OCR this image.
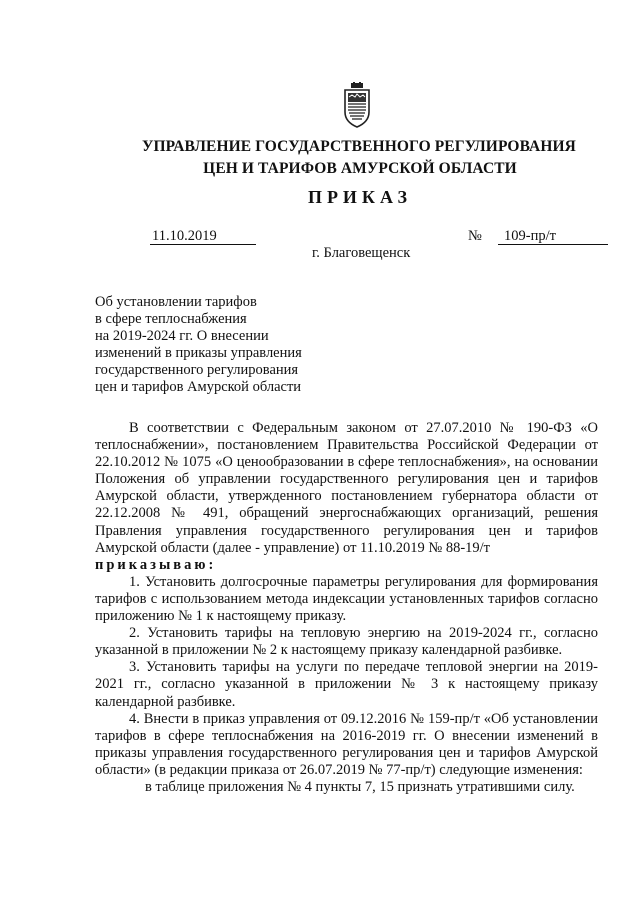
УПРАВЛЕНИЕ ГОСУДАРСТВЕННОГО РЕГУЛИРОВАНИЯ
ЦЕН И ТАРИФОВ АМУРСКОЙ ОБЛАСТИ
ПРИКАЗ
11.10.2019	№	109-пр/т
г. Благовещенск
Об установлении тарифов
в сфере теплоснабжения
на 2019-2024 гг. О внесении
изменений в приказы управления
государственного регулирования
цен и тарифов Амурской области

В соответствии с Федеральным законом от 27.07.2010 № 190-ФЗ «О теплоснабжении», постановлением Правительства Российской Федерации от 22.10.2012 № 1075 «О ценообразовании в сфере теплоснабжения», на основании Положения об управлении государственного регулирования цен и тарифов Амурской области, утвержденного постановлением губернатора области от 22.12.2008 № 491, обращений энергоснабжающих организаций, решения Правления управления государственного регулирования цен и тарифов Амурской области (далее - управление) от 11.10.2019 № 88-19/т

приказываю:

1. Установить долгосрочные параметры регулирования для формирования тарифов с использованием метода индексации установленных тарифов согласно приложению № 1 к настоящему приказу.

2. Установить тарифы на тепловую энергию на 2019-2024 гг., согласно указанной в приложении № 2 к настоящему приказу календарной разбивке.

3. Установить тарифы на услуги по передаче тепловой энергии на 2019-2021 гг., согласно указанной в приложении № 3 к настоящему приказу календарной разбивке.

4. Внести в приказ управления от 09.12.2016 № 159-пр/т «Об установлении тарифов в сфере теплоснабжения на 2016-2019 гг. О внесении изменений в приказы управления государственного регулирования цен и тарифов Амурской области» (в редакции приказа от 26.07.2019 № 77-пр/т) следующие изменения:

в таблице приложения № 4 пункты 7, 15 признать утратившими силу.
